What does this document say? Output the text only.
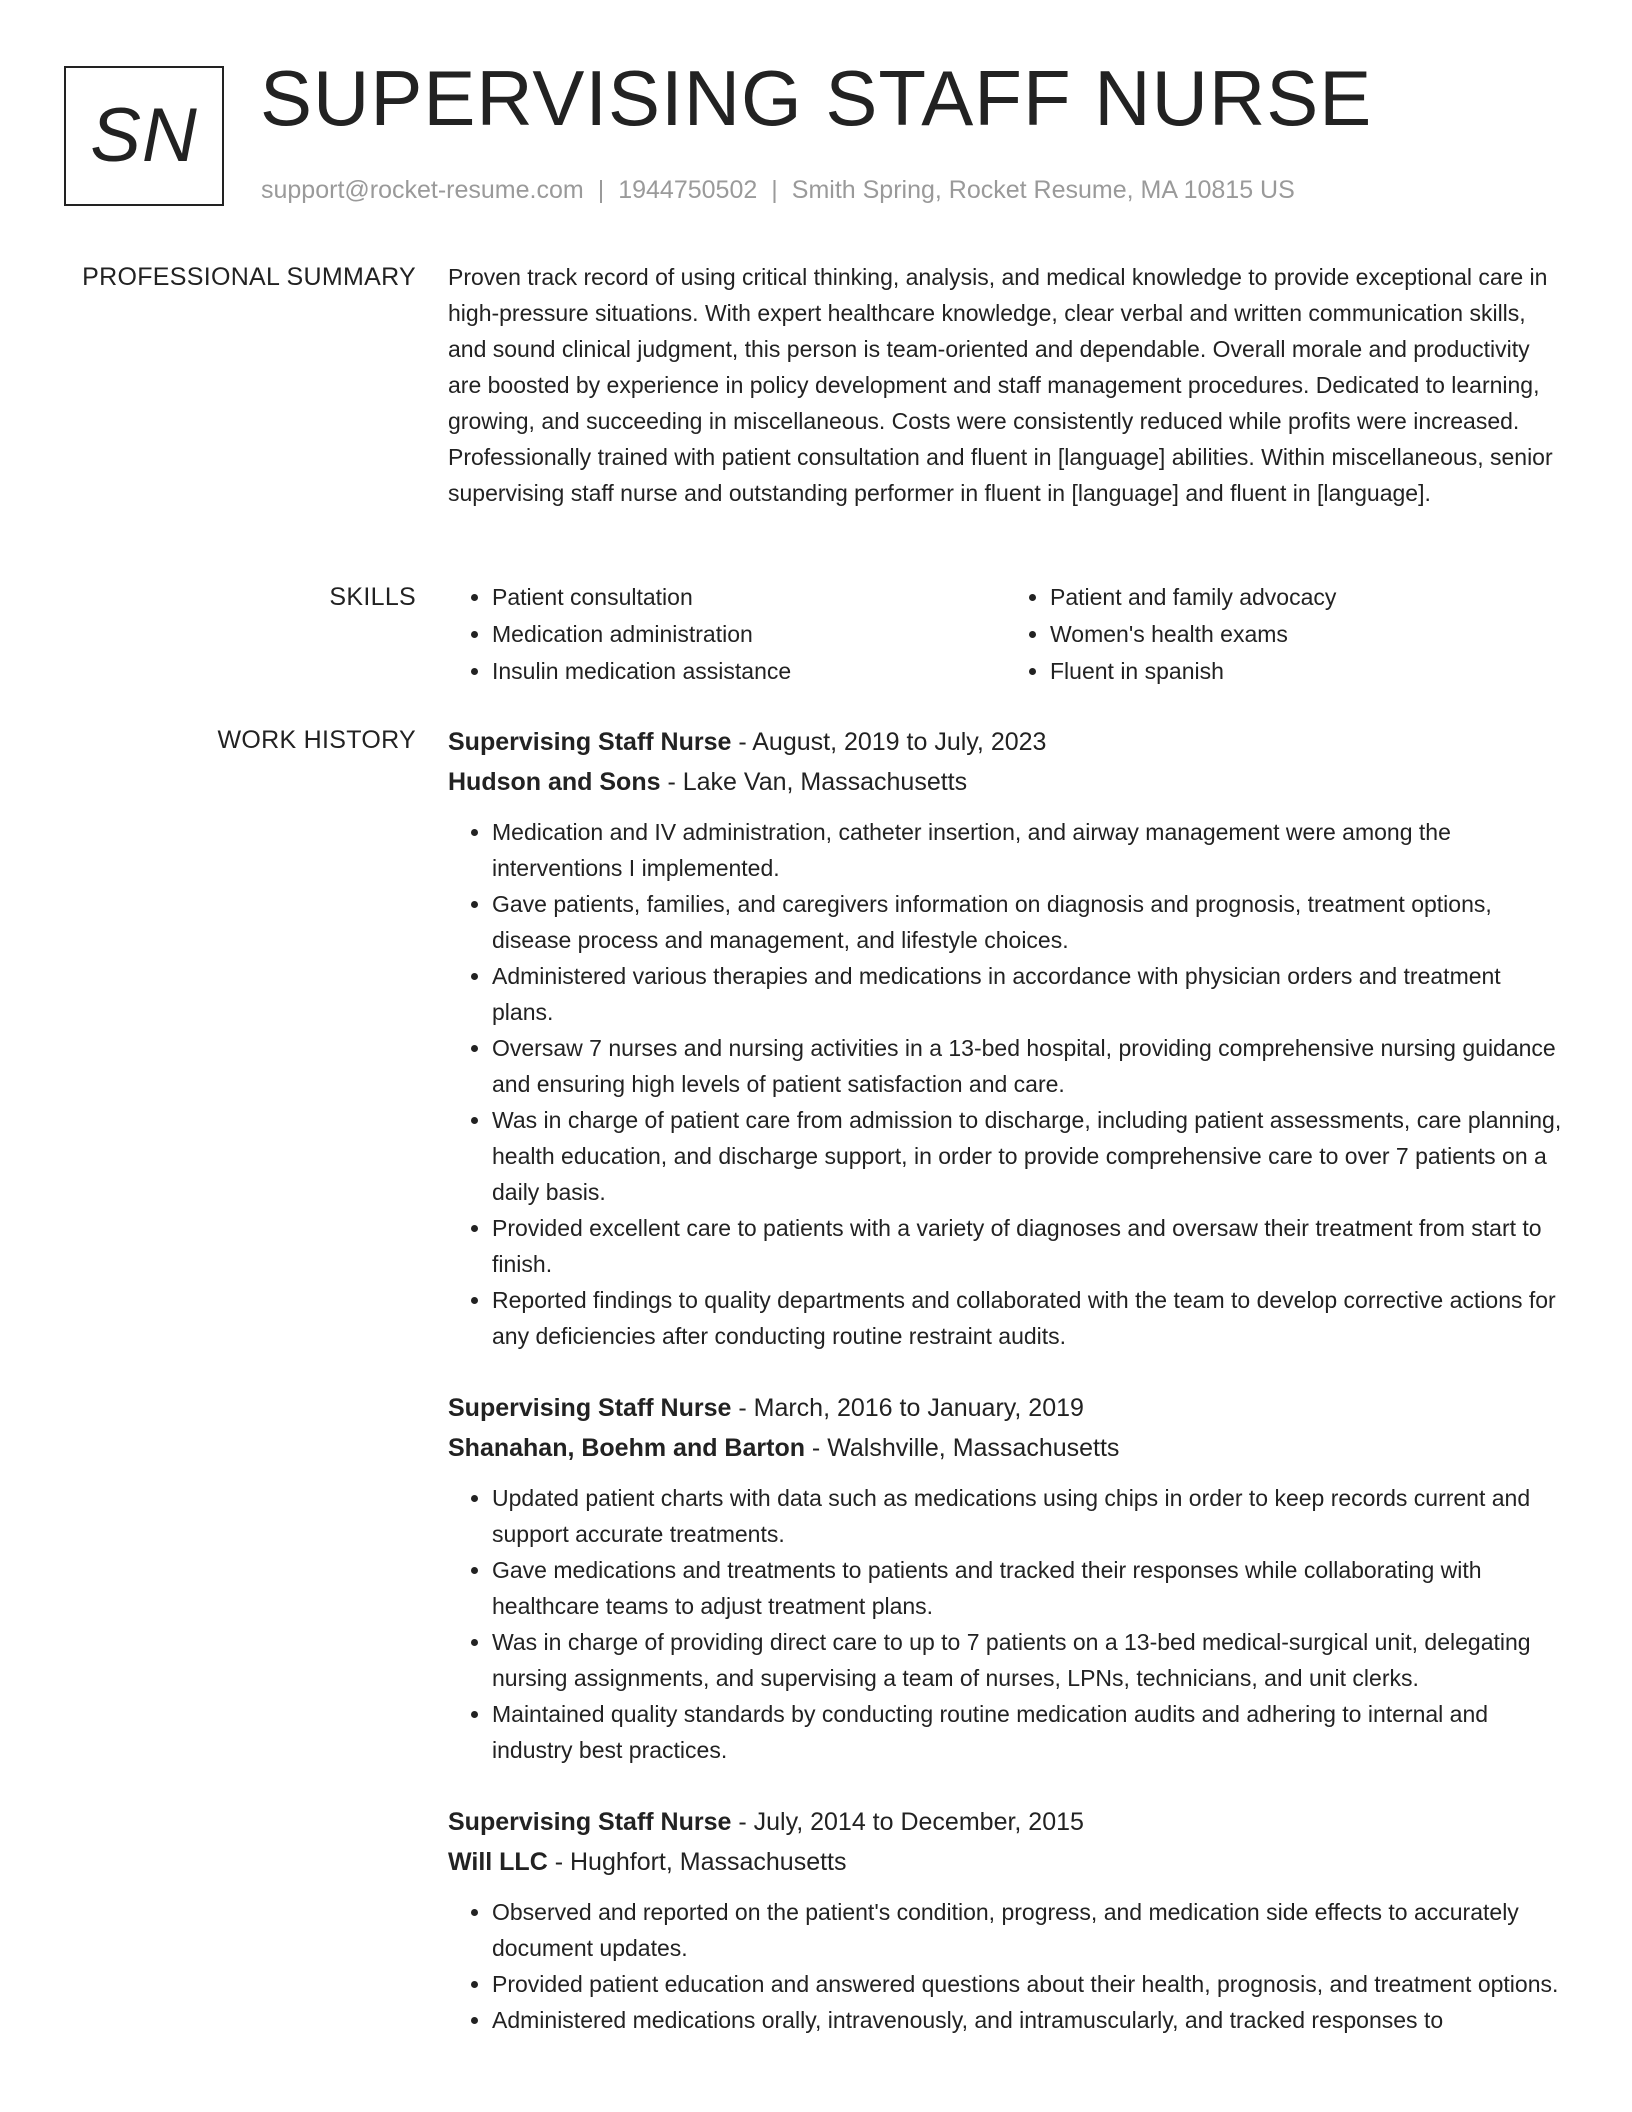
SN SUPERVISING STAFF NURSE
support@rocket-resume.com | 1944750502 | Smith Spring, Rocket Resume, MA 10815 US
PROFESSIONAL SUMMARY Proven track record of using critical thinking, analysis, and medical knowledge to provide exceptional care in high-pressure situations. With expert healthcare knowledge, clear verbal and written communication skills, and sound clinical judgment, this person is team-oriented and dependable. Overall morale and productivity are boosted by experience in policy development and staff management procedures. Dedicated to learning, growing, and succeeding in miscellaneous. Costs were consistently reduced while profits were increased. Professionally trained with patient consultation and fluent in [language] abilities. Within miscellaneous, senior supervising staff nurse and outstanding performer in fluent in [language] and fluent in [language].

SKILLS
•	Patient consultation
• Medication administration
• Insulin medication assistance
• Patient and family advocacy
• Women's health exams
• Fluent in spanish
WORK HISTORY Supervising Staff Nurse - August, 2019 to July, 2023
Hudson and Sons - Lake Van, Massachusetts
• Medication and IV administration, catheter insertion, and airway management were among the interventions I implemented.
• Gave patients, families, and caregivers information on diagnosis and prognosis, treatment options, disease process and management, and lifestyle choices.
• Administered various therapies and medications in accordance with physician orders and treatment plans.
• Oversaw 7 nurses and nursing activities in a 13-bed hospital, providing comprehensive nursing guidance and ensuring high levels of patient satisfaction and care.
• Was in charge of patient care from admission to discharge, including patient assessments, care planning, health education, and discharge support, in order to provide comprehensive care to over 7 patients on a daily basis.
• Provided excellent care to patients with a variety of diagnoses and oversaw their treatment from start to finish.
• Reported findings to quality departments and collaborated with the team to develop corrective actions for any deficiencies after conducting routine restraint audits.
Supervising Staff Nurse - March, 2016 to January, 2019
Shanahan, Boehm and Barton - Walshville, Massachusetts
• Updated patient charts with data such as medications using chips in order to keep records current and support accurate treatments.
• Gave medications and treatments to patients and tracked their responses while collaborating with healthcare teams to adjust treatment plans.
• Was in charge of providing direct care to up to 7 patients on a 13-bed medical-surgical unit, delegating nursing assignments, and supervising a team of nurses, LPNs, technicians, and unit clerks.
• Maintained quality standards by conducting routine medication audits and adhering to internal and industry best practices.
Supervising Staff Nurse - July, 2014 to December, 2015
Will LLC - Hughfort, Massachusetts
• Observed and reported on the patient's condition, progress, and medication side effects to accurately document updates.
• Provided patient education and answered questions about their health, prognosis, and treatment options.
• Administered medications orally, intravenously, and intramuscularly, and tracked responses to
